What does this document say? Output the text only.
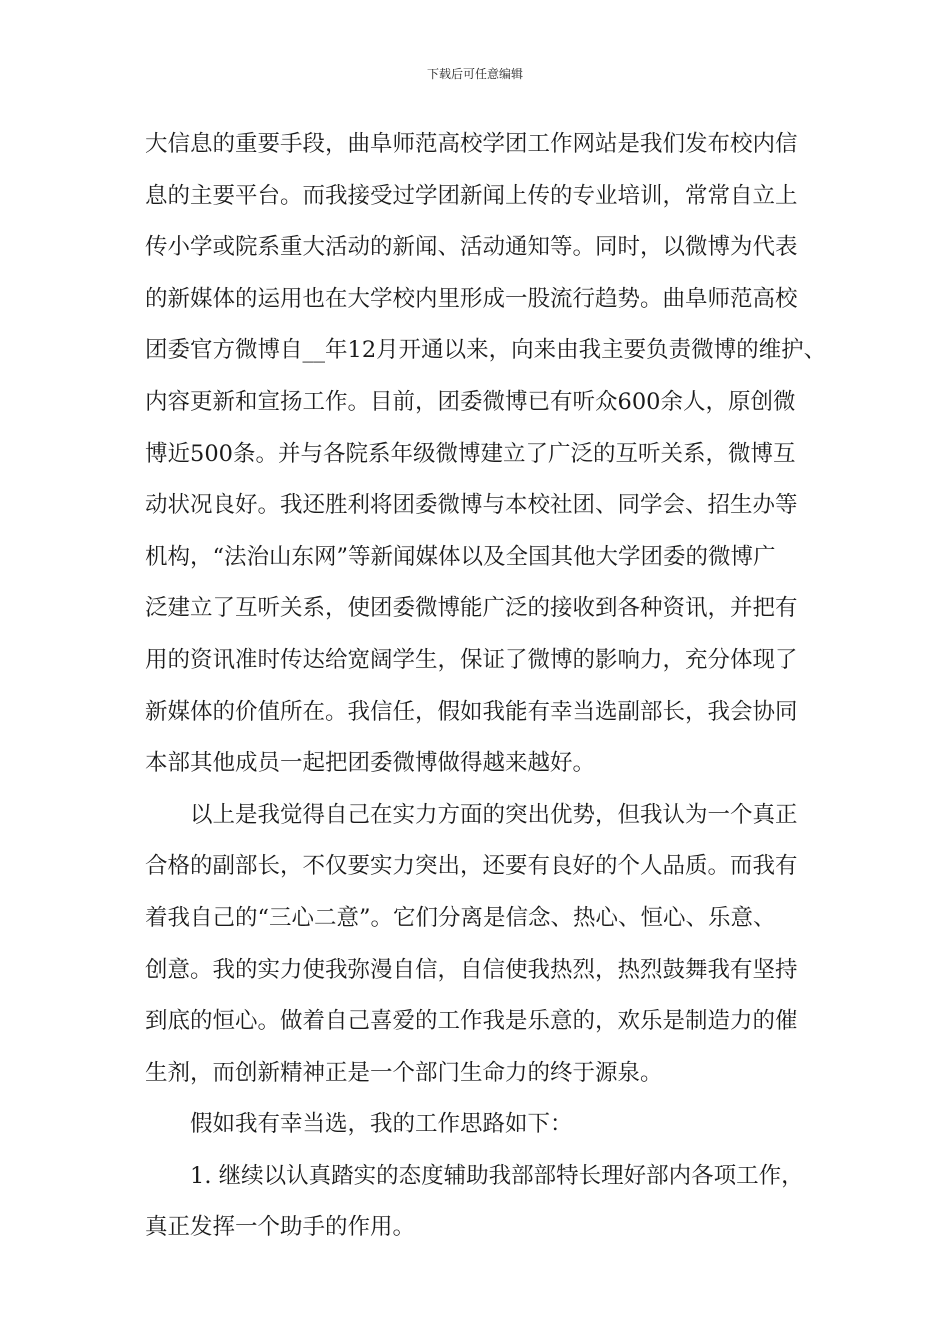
下载后可任意编辑
大信息的重要手段，曲阜师范高校学团工作网站是我们发布校内信
息的主要平台。而我接受过学团新闻上传的专业培训，常常自立上
传小学或院系重大活动的新闻、活动通知等。同时，以微博为代表
的新媒体的运用也在大学校内里形成一股流行趋势。曲阜师范高校
团委官方微博自__年12月开通以来，向来由我主要负责微博的维护、
内容更新和宣扬工作。目前，团委微博已有听众600余人，原创微
博近500条。并与各院系年级微博建立了广泛的互听关系，微博互
动状况良好。我还胜利将团委微博与本校社团、同学会、招生办等
机构，“法治山东网”等新闻媒体以及全国其他大学团委的微博广
泛建立了互听关系，使团委微博能广泛的接收到各种资讯，并把有
用的资讯准时传达给宽阔学生，保证了微博的影响力，充分体现了
新媒体的价值所在。我信任，假如我能有幸当选副部长，我会协同
本部其他成员一起把团委微博做得越来越好。
以上是我觉得自己在实力方面的突出优势，但我认为一个真正
合格的副部长，不仅要实力突出，还要有良好的个人品质。而我有
着我自己的“三心二意”。它们分离是信念、热心、恒心、乐意、
创意。我的实力使我弥漫自信，自信使我热烈，热烈鼓舞我有坚持
到底的恒心。做着自己喜爱的工作我是乐意的，欢乐是制造力的催
生剂，而创新精神正是一个部门生命力的终于源泉。
假如我有幸当选，我的工作思路如下：
1. 继续以认真踏实的态度辅助我部部特长理好部内各项工作，
真正发挥一个助手的作用。
